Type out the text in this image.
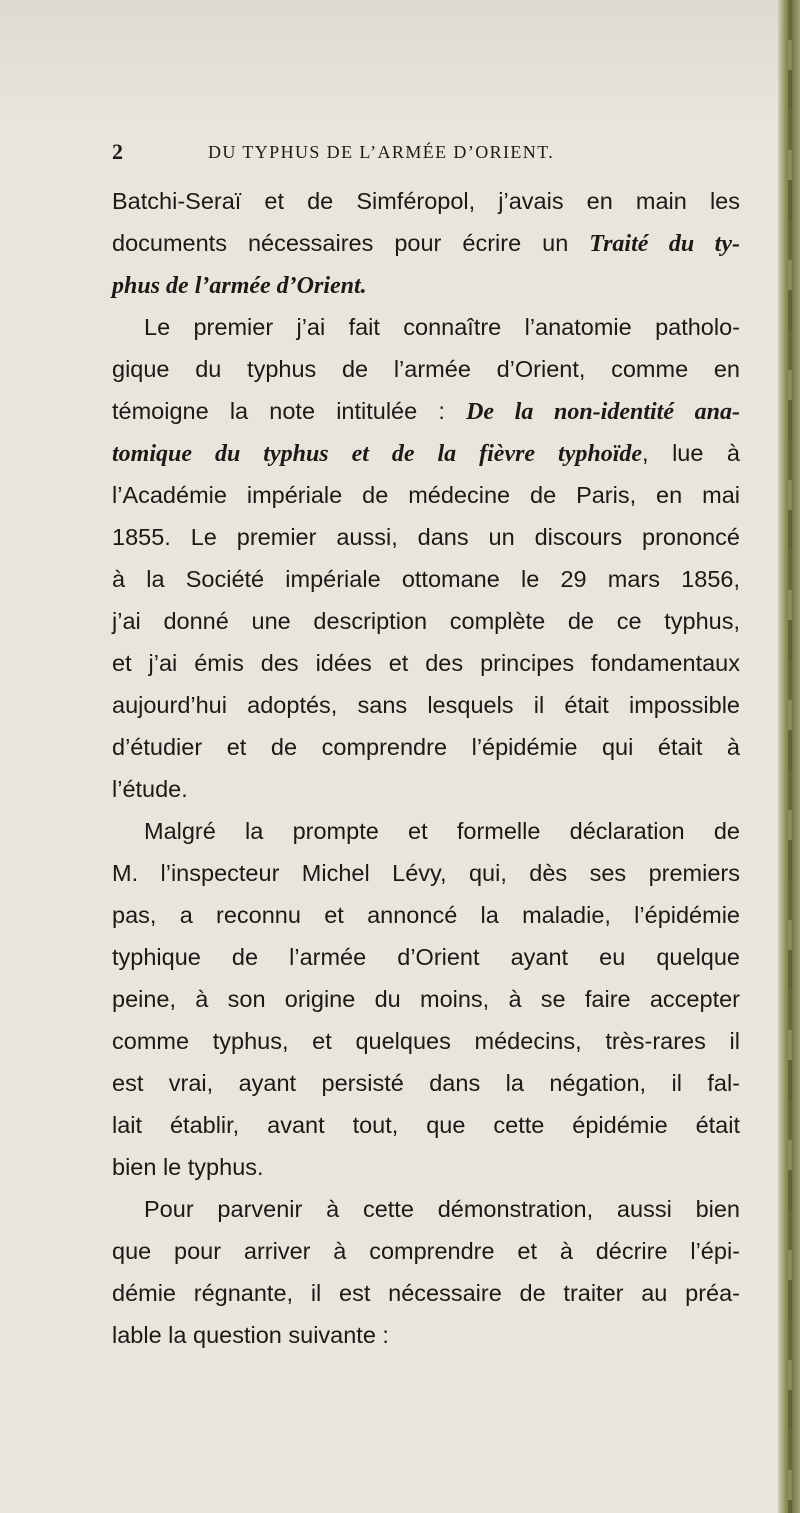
2	DU TYPHUS DE L’ARMÉE D’ORIENT.
Batchi-Seraï et de Simféropol, j’avais en main les
documents nécessaires pour écrire un Traité du ty-
phus de l’armée d’Orient.
Le premier j’ai fait connaître l’anatomie patholo-
gique du typhus de l’armée d’Orient, comme en
témoigne la note intitulée : De la non-identité ana-
tomique du typhus et de la fièvre typhoïde, lue à
l’Académie impériale de médecine de Paris, en mai
1855. Le premier aussi, dans un discours prononcé
à la Société impériale ottomane le 29 mars 1856,
j’ai donné une description complète de ce typhus,
et j’ai émis des idées et des principes fondamentaux
aujourd’hui adoptés, sans lesquels il était impossible
d’étudier et de comprendre l’épidémie qui était à
l’étude.
Malgré la prompte et formelle déclaration de
M. l’inspecteur Michel Lévy, qui, dès ses premiers
pas, a reconnu et annoncé la maladie, l’épidémie
typhique de l’armée d’Orient ayant eu quelque
peine, à son origine du moins, à se faire accepter
comme typhus, et quelques médecins, très-rares il
est vrai, ayant persisté dans la négation, il fal-
lait établir, avant tout, que cette épidémie était
bien le typhus.
Pour parvenir à cette démonstration, aussi bien
que pour arriver à comprendre et à décrire l’épi-
démie régnante, il est nécessaire de traiter au préa-
lable la question suivante :
